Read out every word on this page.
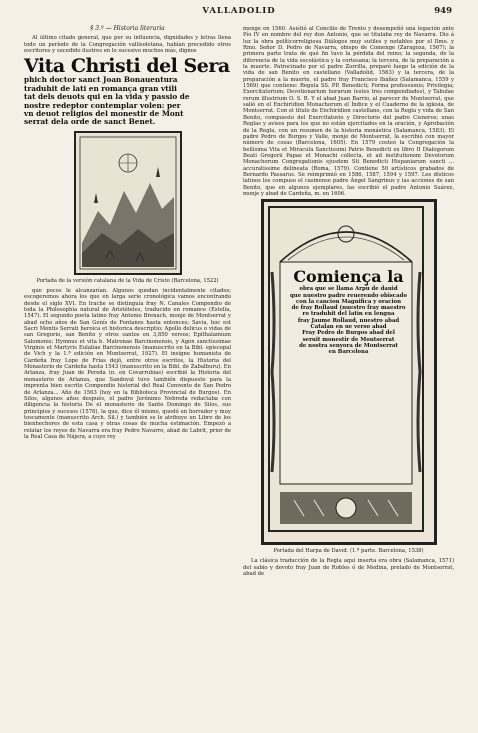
VALLADOLID	949
§ 3.º — Historia literaria

Al último citado general, que por su influencia, dignidades y letras llena todo un período de la Congregación vallisoletana, habían precedido otros escritores y sucedido ilustres en lo sucesivo muchos más, dignos

Vita Christi del Sera
phich doctor sanct Joan Bonauentura
traduhit de lati en romança gran vtili
tat dels deuots qui en la vida y passio de
nostre redeptor contemplar volen: per
vn deuot religios del monestir de Mont
serrat dela orde de sanct Benet.
Portada de la versión catalana de la Vida de Cristo (Barcelona, 1522)

que pocos le alcanzarían. Algunos quedan incidentalmente citados; escogeremos ahora los que en larga serie cronológica vamos encontrando desde el siglo XVI. En Irache se distinguía fray N. Canales Compendio de toda la Philosophía natural de Aristóteles, traducido en romance (Estella, 1547). El segundo poeta latino fray Antonio Brenach, monje de Montserrat y abad ocho años de San Genís de Fontanes hasta entonces; Savia, hoc est Sacri Montis Serrati heroica et historica descriptio; Apollo delicus o vidas de san Gregorio, san Benito y otros santos en 3,850 versos; Epithalamium Salomonis; Hymnus et vita b. Matronae Barcinonensis, y Agon sanctissimae Virginis et Martyris Eulaliae Barcinonensis (manuscrito en la Bibl. episcopal de Vich y la 1.ª edición en Montserrat, 1927). El insigne humanista de Cardeña fray Lope de Frías dejó, entre otros escritos, la Historia del Monasterio de Cardeña hasta 1543 (manuscrito en la Bibl. de Zabalburu). En Arlanza, fray Juan de Pereda (n. en Covarrubias) escribió la Historia del monasterio de Arlanza, que Sandoval tuvo también dispuesto para la imprenta bien escrito Compendio historial del Real Convento de San Pedro de Arlanza... Año de 1563 (hoy en la Biblioteca Provincial de Burgos). En Silos, algunos años después, el padre Jerónimo Nebreda redactaba con diligencia la historia De el monasterio de Santo Domingo de Silos, sus principios y sucesos (1578), la que, dice él mismo, quedó en borrador y muy toscamente (manuscrito Arch. Sil.) y también se le atribuye un Libro de los bienhechores de esta casa y otras cosas de mucha estimación. Empezó a relatar los reyes de Navarra era fray Pedro Navarro, abad de Labrit, prior de la Real Casa de Nájera, a cuyo rey

menge en 1560. Asistió al Concilio de Trento y desempeñó una legación ante Pío IV en nombre del rey don Antonio, que se titulaba rey de Navarra. Dio á luz la obra políticorreligiosa Diálogos muy sutiles y notables por el Ilmo. y Rmo. Señor D. Pedro de Navarra, obispo de Comenge (Zaragoza, 1567); la primera parte trata de qué fin tuvo la pérdida del reino; la segunda, de la diferencia de la vida escolástica y la cortesana; la tercera, de la preparación a la muerte. Patrocinado por el padre Zorrilla, preparó luego la edición de la vida de san Benito en castellano (Valladolid, 1563) y la tercera, de la preparación a la muerte, el padre fray Francisco Ibáñez (Salamanca, 1559 y 1569) que contiene: Regula SS. PP. Benedicti; Forma professionis; Privilegia; Exercitatorium; Devotionarium horarum (estos tres compendiados), y Tabulae rerum illustrium O. S. B. Y el abad Juan Barrio, al parecer de Montserrat, que salió en el Enchiridion Monachorum el Índice y el Cuaderno de la iglesia, de Montserrat. Con el título de Enchiridion castellano, con la Regla y vida de San Benito, compuesto del Exercitatorio y Directorio del padre Cisneros; unas Reglas y avisos para los que no están ejercitados en la oración, y Aprobación de la Regla, con un resumen de la historia monástica (Salamanca, 1583). El padre Pedro de Burgos y Valle, monje de Montserrat, la escribió con mayor número de cosas (Barcelona, 1605). En 1579 costeó la Congregación la bellísima Vita et Miracula Sanctissimi Patris Benedicti ex libro II Dialogorum Beati Gregorii Papae et Monachi collecta, et ad institutionem Devotorum Monachorum Congregationis ejusdem Sti Benedicti Hispaniarum sancti ... accuratissime delineata (Roma, 1579). Contiene 50 artísticos grabados de Bernardo Passarus. Se reimprimió en 1586, 1587, 1594 y 1597. Los dísticos latinos los compuso el casinense padre Ángel Sangrinus y las acciones de san Benito, que en algunos ejemplares, las escribió el padre Antonio Suárez, monje y abad de Cardeña, m. en 1606.

Comiença la
obra que se llama Arpu de dauid
que nuestro padre reuerendo obiscado
con la cancion Magnifica y oracion
de fray Rollaud (nuestro fray maestro
ro traduhit del latin en lengua
fray Jaume Rollaud, nuestro abad
Catalan en ue verso abad
Fray Pedro de Burgos abad del
seruit monestir de Montserrat
de nostra senyora de Montserrat
en Barcelona
Portada del Harpa de David. (1.ª parte. Barcelona, 1538)

La clásica traducción de la Regla aquí inserta era obra (Salamanca, 1571) del sabio y devoto fray Juan de Robles ó de Medina, prelado de Montserrat, abad de
